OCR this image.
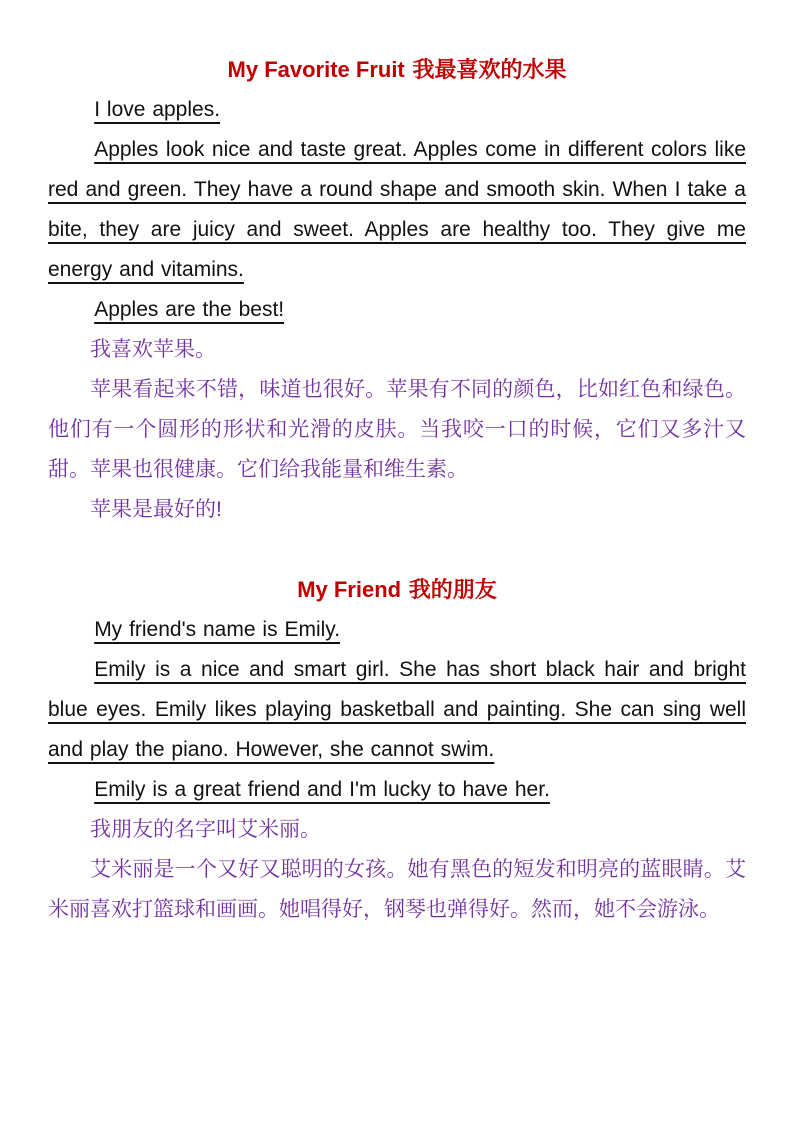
My Favorite Fruit 我最喜欢的水果

I love apples.

Apples look nice and taste great. Apples come in different colors like red and green. They have a round shape and smooth skin. When I take a bite, they are juicy and sweet. Apples are healthy too. They give me energy and vitamins.

Apples are the best!

我喜欢苹果。

苹果看起来不错，味道也很好。苹果有不同的颜色，比如红色和绿色。他们有一个圆形的形状和光滑的皮肤。当我咬一口的时候，它们又多汁又甜。苹果也很健康。它们给我能量和维生素。

苹果是最好的!

My Friend 我的朋友

My friend's name is Emily.

Emily is a nice and smart girl. She has short black hair and bright blue eyes. Emily likes playing basketball and painting. She can sing well and play the piano. However, she cannot swim.

Emily is a great friend and I'm lucky to have her.

我朋友的名字叫艾米丽。

艾米丽是一个又好又聪明的女孩。她有黑色的短发和明亮的蓝眼睛。艾米丽喜欢打篮球和画画。她唱得好，钢琴也弹得好。然而，她不会游泳。
